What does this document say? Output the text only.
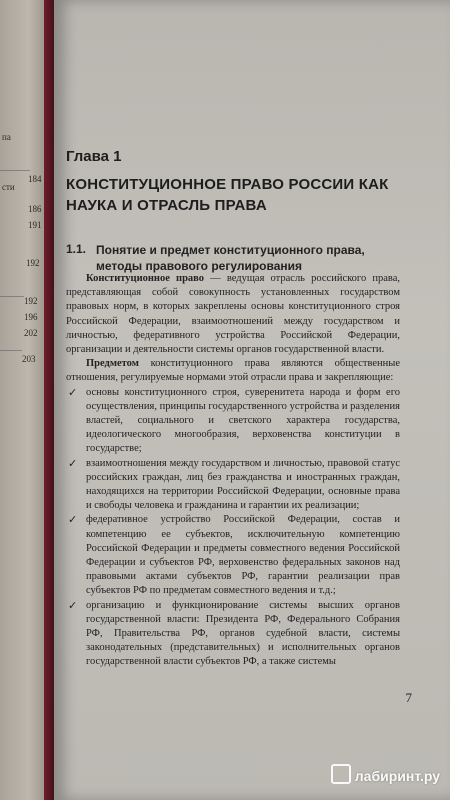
па
сти
184
186
191
192
192
196
202
203
Глава 1
КОНСТИТУЦИОННОЕ ПРАВО РОССИИ КАК НАУКА И ОТРАСЛЬ ПРАВА
1.1. Понятие и предмет конституционного права, методы правового регулирования

Конституционное право — ведущая отрасль российского права, представляющая собой совокупность установленных государством правовых норм, в которых закреплены основы конституционного строя Российской Федерации, взаимоотношений между государством и личностью, федеративного устройства Российской Федерации, организации и деятельности системы органов государственной власти.

Предметом конституционного права являются общественные отношения, регулируемые нормами этой отрасли права и закрепляющие:

✓ основы конституционного строя, суверенитета народа и форм его осуществления, принципы государственного устройства и разделения властей, социального и светского характера государства, идеологического многообразия, верховенства конституции в государстве;
✓ взаимоотношения между государством и личностью, правовой статус российских граждан, лиц без гражданства и иностранных граждан, находящихся на территории Российской Федерации, основные права и свободы человека и гражданина и гарантии их реализации;
✓ федеративное устройство Российской Федерации, состав и компетенцию ее субъектов, исключительную компетенцию Российской Федерации и предметы совместного ведения Российской Федерации и субъектов РФ, верховенство федеральных законов над правовыми актами субъектов РФ, гарантии реализации прав субъектов РФ по предметам совместного ведения и т.д.;
✓ организацию и функционирование системы высших органов государственной власти: Президента РФ, Федерального Собрания РФ, Правительства РФ, органов судебной власти, системы законодательных (представительных) и исполнительных органов государственной власти субъектов РФ, а также системы
7
лабиринт.ру
